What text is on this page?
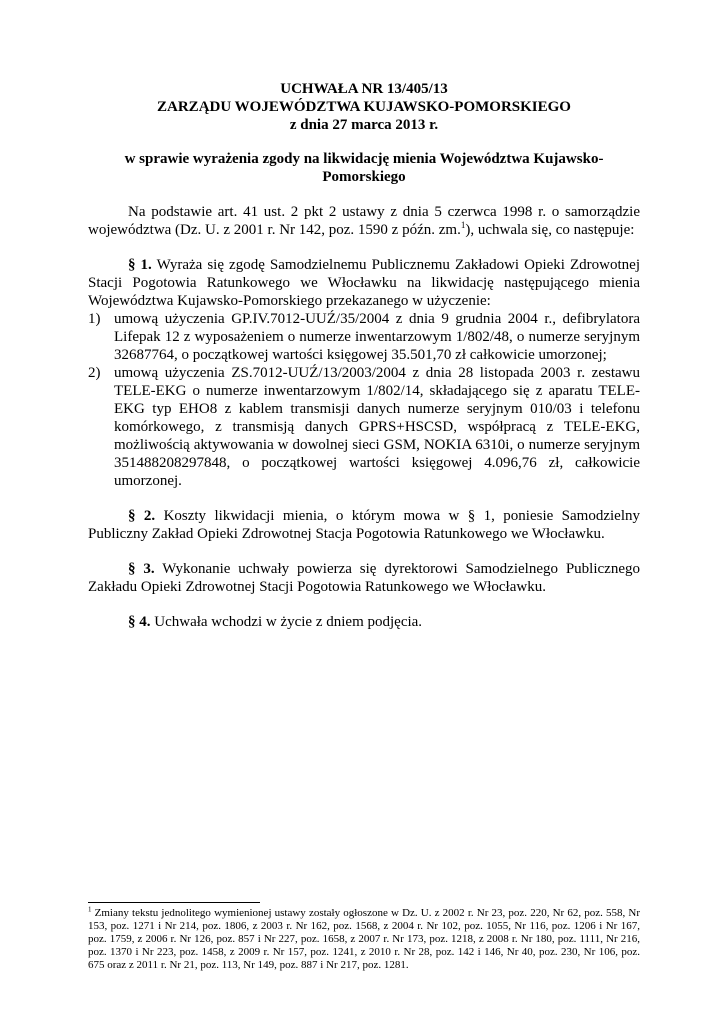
UCHWAŁA NR 13/405/13
ZARZĄDU WOJEWÓDZTWA KUJAWSKO-POMORSKIEGO
z dnia 27 marca 2013 r.
w sprawie wyrażenia zgody na likwidację mienia Województwa Kujawsko-Pomorskiego
Na podstawie art. 41 ust. 2 pkt 2 ustawy z dnia 5 czerwca 1998 r. o samorządzie województwa (Dz. U. z 2001 r. Nr 142, poz. 1590 z późn. zm.$^1$), uchwala się, co następuje:
§ 1. Wyraża się zgodę Samodzielnemu Publicznemu Zakładowi Opieki Zdrowotnej Stacji Pogotowia Ratunkowego we Włocławku na likwidację następującego mienia Województwa Kujawsko-Pomorskiego przekazanego w użyczenie:
1) umową użyczenia GP.IV.7012-UUŹ/35/2004 z dnia 9 grudnia 2004 r., defibrylatora Lifepak 12 z wyposażeniem o numerze inwentarzowym 1/802/48, o numerze seryjnym 32687764, o początkowej wartości księgowej 35.501,70 zł całkowicie umorzonej;
2) umową użyczenia ZS.7012-UUŹ/13/2003/2004 z dnia 28 listopada 2003 r. zestawu TELE-EKG o numerze inwentarzowym 1/802/14, składającego się z aparatu TELE-EKG typ EHO8 z kablem transmisji danych numerze seryjnym 010/03 i telefonu komórkowego, z transmisją danych GPRS+HSCSD, współpracą z TELE-EKG, możliwością aktywowania w dowolnej sieci GSM, NOKIA 6310i, o numerze seryjnym 351488208297848, o początkowej wartości księgowej 4.096,76 zł, całkowicie umorzonej.
§ 2. Koszty likwidacji mienia, o którym mowa w § 1, poniesie Samodzielny Publiczny Zakład Opieki Zdrowotnej Stacja Pogotowia Ratunkowego we Włocławku.
§ 3. Wykonanie uchwały powierza się dyrektorowi Samodzielnego Publicznego Zakładu Opieki Zdrowotnej Stacji Pogotowia Ratunkowego we Włocławku.
§ 4. Uchwała wchodzi w życie z dniem podjęcia.
$^1$ Zmiany tekstu jednolitego wymienionej ustawy zostały ogłoszone w Dz. U. z 2002 r. Nr 23, poz. 220, Nr 62, poz. 558, Nr 153, poz. 1271 i Nr 214, poz. 1806, z 2003 r. Nr 162, poz. 1568, z 2004 r. Nr 102, poz. 1055, Nr 116, poz. 1206 i Nr 167, poz. 1759, z 2006 r. Nr 126, poz. 857 i Nr 227, poz. 1658, z 2007 r. Nr 173, poz. 1218, z 2008 r. Nr 180, poz. 1111, Nr 216, poz. 1370 i Nr 223, poz. 1458, z 2009 r. Nr 157, poz. 1241, z 2010 r. Nr 28, poz. 142 i 146, Nr 40, poz. 230, Nr 106, poz. 675 oraz z 2011 r. Nr 21, poz. 113, Nr 149, poz. 887 i Nr 217, poz. 1281.
